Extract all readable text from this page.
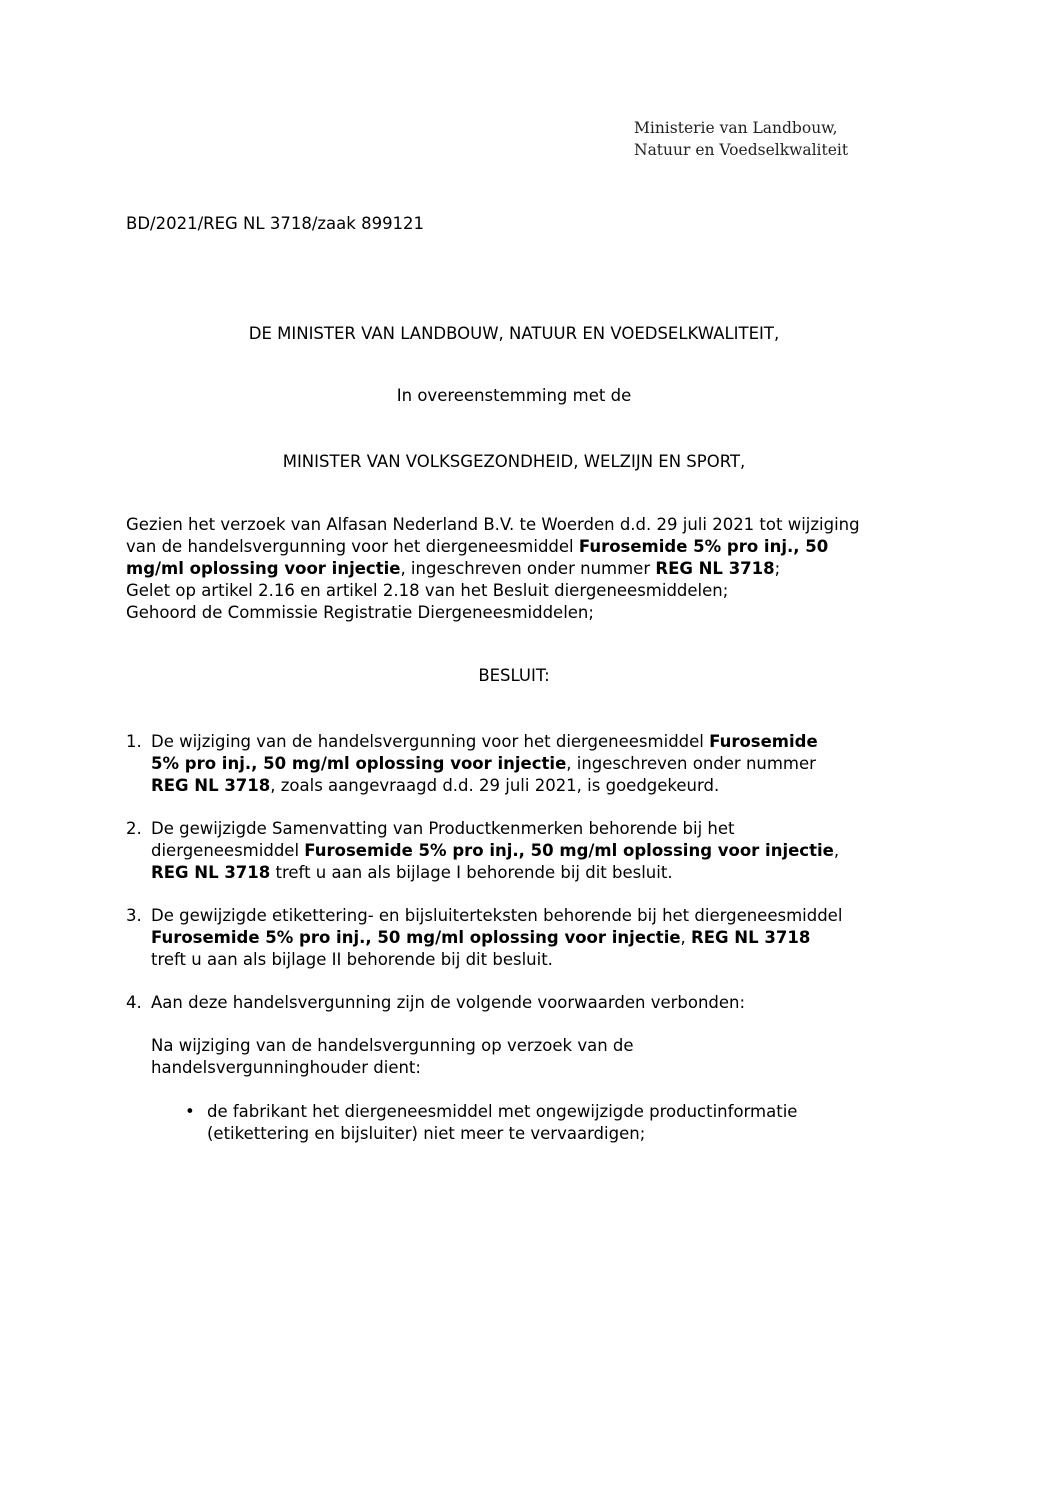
Ministerie van Landbouw,
Natuur en Voedselkwaliteit
BD/2021/REG NL 3718/zaak 899121
DE MINISTER VAN LANDBOUW, NATUUR EN VOEDSELKWALITEIT,
In overeenstemming met de
MINISTER VAN VOLKSGEZONDHEID, WELZIJN EN SPORT,
Gezien het verzoek van Alfasan Nederland B.V. te Woerden d.d. 29 juli 2021 tot wijziging
van de handelsvergunning voor het diergeneesmiddel Furosemide 5% pro inj., 50
mg/ml oplossing voor injectie, ingeschreven onder nummer REG NL 3718;
Gelet op artikel 2.16 en artikel 2.18 van het Besluit diergeneesmiddelen;
Gehoord de Commissie Registratie Diergeneesmiddelen;
BESLUIT:
1. De wijziging van de handelsvergunning voor het diergeneesmiddel Furosemide
5% pro inj., 50 mg/ml oplossing voor injectie, ingeschreven onder nummer
REG NL 3718, zoals aangevraagd d.d. 29 juli 2021, is goedgekeurd.
2. De gewijzigde Samenvatting van Productkenmerken behorende bij het
diergeneesmiddel Furosemide 5% pro inj., 50 mg/ml oplossing voor injectie,
REG NL 3718 treft u aan als bijlage I behorende bij dit besluit.
3. De gewijzigde etikettering- en bijsluiterteksten behorende bij het diergeneesmiddel
Furosemide 5% pro inj., 50 mg/ml oplossing voor injectie, REG NL 3718
treft u aan als bijlage II behorende bij dit besluit.
4. Aan deze handelsvergunning zijn de volgende voorwaarden verbonden:
Na wijziging van de handelsvergunning op verzoek van de
handelsvergunninghouder dient:
• de fabrikant het diergeneesmiddel met ongewijzigde productinformatie
(etikettering en bijsluiter) niet meer te vervaardigen;
